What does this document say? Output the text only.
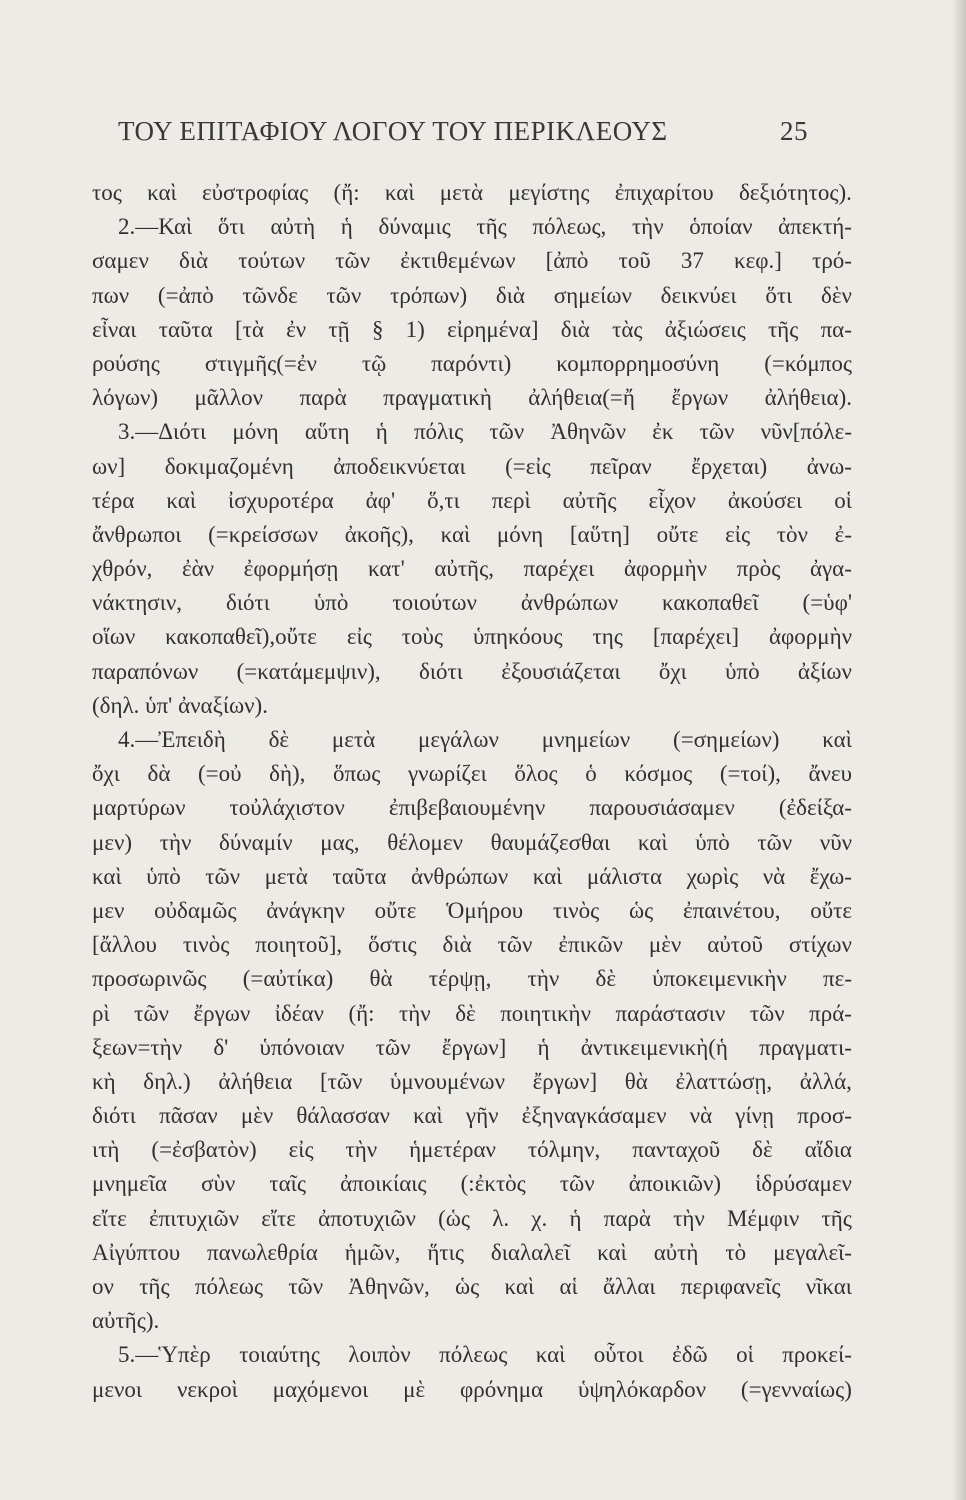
ΤΟΥ ΕΠΙΤΑΦΙΟΥ ΛΟΓΟΥ ΤΟΥ ΠΕΡΙΚΛΕΟΥΣ	25
τος καὶ εὐστροφίας (ἤ: καὶ μετὰ μεγίστης ἐπιχαρίτου δεξιότητος).
2.—Καὶ ὅτι αὐτὴ ἡ δύναμις τῆς πόλεως, τὴν ὁποίαν ἀπεκτή-
σαμεν διὰ τούτων τῶν ἐκτιθεμένων [ἀπὸ τοῦ 37 κεφ.] τρό-
πων (=ἀπὸ τῶνδε τῶν τρόπων) διὰ σημείων δεικνύει ὅτι δὲν
εἶναι ταῦτα [τὰ ἐν τῇ § 1) εἰρημένα] διὰ τὰς ἀξιώσεις τῆς πα-
ρούσης στιγμῆς(=ἐν τῷ παρόντι) κομπορρημοσύνη (=κόμπος
λόγων) μᾶλλον παρὰ πραγματικὴ ἀλήθεια(=ἤ ἔργων ἀλήθεια).
3.—Διότι μόνη αὕτη ἡ πόλις τῶν Ἀθηνῶν ἐκ τῶν νῦν[πόλε-
ων] δοκιμαζομένη ἀποδεικνύεται (=εἰς πεῖραν ἔρχεται) ἀνω-
τέρα καὶ ἰσχυροτέρα ἀφ' ὅ,τι περὶ αὐτῆς εἶχον ἀκούσει οἱ
ἄνθρωποι (=κρείσσων ἀκοῆς), καὶ μόνη [αὕτη] οὔτε εἰς τὸν ἐ-
χθρόν, ἐὰν ἐφορμήσῃ κατ' αὐτῆς, παρέχει ἀφορμὴν πρὸς ἀγα-
νάκτησιν, διότι ὑπὸ τοιούτων ἀνθρώπων κακοπαθεῖ (=ὑφ'
οἵων κακοπαθεῖ),οὔτε εἰς τοὺς ὑπηκόους της [παρέχει] ἀφορμὴν
παραπόνων (=κατάμεμψιν), διότι ἐξουσιάζεται ὄχι ὑπὸ ἀξίων
(δηλ. ὑπ' ἀναξίων).
4.—Ἐπειδὴ δὲ μετὰ μεγάλων μνημείων (=σημείων) καὶ
ὄχι δὰ (=οὐ δὴ), ὅπως γνωρίζει ὅλος ὁ κόσμος (=τοί), ἄνευ
μαρτύρων τοὐλάχιστον ἐπιβεβαιουμένην παρουσιάσαμεν (ἐδείξα-
μεν) τὴν δύναμίν μας, θέλομεν θαυμάζεσθαι καὶ ὑπὸ τῶν νῦν
καὶ ὑπὸ τῶν μετὰ ταῦτα ἀνθρώπων καὶ μάλιστα χωρὶς νὰ ἔχω-
μεν οὐδαμῶς ἀνάγκην οὔτε Ὁμήρου τινὸς ὡς ἐπαινέτου, οὔτε
[ἄλλου τινὸς ποιητοῦ], ὅστις διὰ τῶν ἐπικῶν μὲν αὐτοῦ στίχων
προσωρινῶς (=αὐτίκα) θὰ τέρψῃ, τὴν δὲ ὑποκειμενικὴν πε-
ρὶ τῶν ἔργων ἰδέαν (ἤ: τὴν δὲ ποιητικὴν παράστασιν τῶν πρά-
ξεων=τὴν δ' ὑπόνοιαν τῶν ἔργων] ἡ ἀντικειμενικὴ(ἡ πραγματι-
κὴ δηλ.) ἀλήθεια [τῶν ὑμνουμένων ἔργων] θὰ ἐλαττώσῃ, ἀλλά,
διότι πᾶσαν μὲν θάλασσαν καὶ γῆν ἐξηναγκάσαμεν νὰ γίνῃ προσ-
ιτὴ (=ἐσβατὸν) εἰς τὴν ἡμετέραν τόλμην, πανταχοῦ δὲ αἴδια
μνημεῖα σὺν ταῖς ἀποικίαις (:ἐκτὸς τῶν ἀποικιῶν) ἱδρύσαμεν
εἴτε ἐπιτυχιῶν εἴτε ἀποτυχιῶν (ὡς λ. χ. ἡ παρὰ τὴν Μέμφιν τῆς
Αἰγύπτου πανωλεθρία ἡμῶν, ἥτις διαλαλεῖ καὶ αὐτὴ τὸ μεγαλεῖ-
ον τῆς πόλεως τῶν Ἀθηνῶν, ὡς καὶ αἱ ἄλλαι περιφανεῖς νῖκαι
αὐτῆς).
5.—Ὑπὲρ τοιαύτης λοιπὸν πόλεως καὶ οὗτοι ἐδῶ οἱ προκεί-
μενοι νεκροὶ μαχόμενοι μὲ φρόνημα ὑψηλόκαρδον (=γενναίως)
